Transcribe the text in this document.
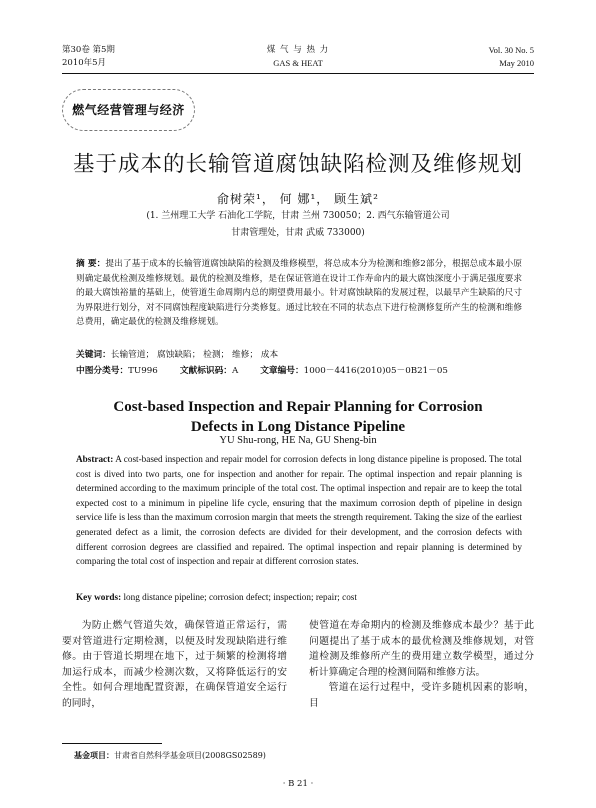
第30卷 第5期
2010年5月
煤 气 与 热 力
GAS & HEAT
Vol. 30 No. 5
May 2010
燃气经营管理与经济
基于成本的长输管道腐蚀缺陷检测及维修规划
俞树荣¹， 何 娜¹， 顾生斌²
(1. 兰州理工大学 石油化工学院，甘肃 兰州 730050；2. 西气东输管道公司
甘肃管理处，甘肃 武威 733000)
摘 要：提出了基于成本的长输管道腐蚀缺陷的检测及维修模型，将总成本分为检测和维修2部分，根据总成本最小原则确定最优检测及维修规划。最优的检测及维修，是在保证管道在设计工作寿命内的最大腐蚀深度小于满足强度要求的最大腐蚀裕量的基础上，使管道生命周期内总的期望费用最小。针对腐蚀缺陷的发展过程，以最早产生缺陷的尺寸为界限进行划分，对不同腐蚀程度缺陷进行分类修复。通过比较在不同的状态点下进行检测修复所产生的检测和维修总费用，确定最优的检测及维修规划。
关键词：长输管道； 腐蚀缺陷； 检测； 维修； 成本
中图分类号：TU996	文献标识码：A	文章编号：1000－4416(2010)05－0B21－05
Cost-based Inspection and Repair Planning for Corrosion
Defects in Long Distance Pipeline
YU Shu-rong, HE Na, GU Sheng-bin
Abstract: A cost-based inspection and repair model for corrosion defects in long distance pipeline is proposed. The total cost is dived into two parts, one for inspection and another for repair. The optimal inspection and repair planning is determined according to the maximum principle of the total cost. The optimal inspection and repair are to keep the total expected cost to a minimum in pipeline life cycle, ensuring that the maximum corrosion depth of pipeline in design service life is less than the maximum corrosion margin that meets the strength requirement. Taking the size of the earliest generated defect as a limit, the corrosion defects are divided for their development, and the corrosion defects with different corrosion degrees are classified and repaired. The optimal inspection and repair planning is determined by comparing the total cost of inspection and repair at different corrosion states.
Key words: long distance pipeline; corrosion defect; inspection; repair; cost

为防止燃气管道失效，确保管道正常运行，需要对管道进行定期检测，以便及时发现缺陷进行维修。由于管道长期埋在地下，过于频繁的检测将增加运行成本，而减少检测次数，又将降低运行的安全性。如何合理地配置资源，在确保管道安全运行的同时，

使管道在寿命期内的检测及维修成本最少？基于此问题提出了基于成本的最优检测及维修规划，对管道检测及维修所产生的费用建立数学模型，通过分析计算确定合理的检测间隔和维修方法。

管道在运行过程中，受许多随机因素的影响，目

基金项目：甘肃省自然科学基金项目(2008GS02589)
· B 21 ·
